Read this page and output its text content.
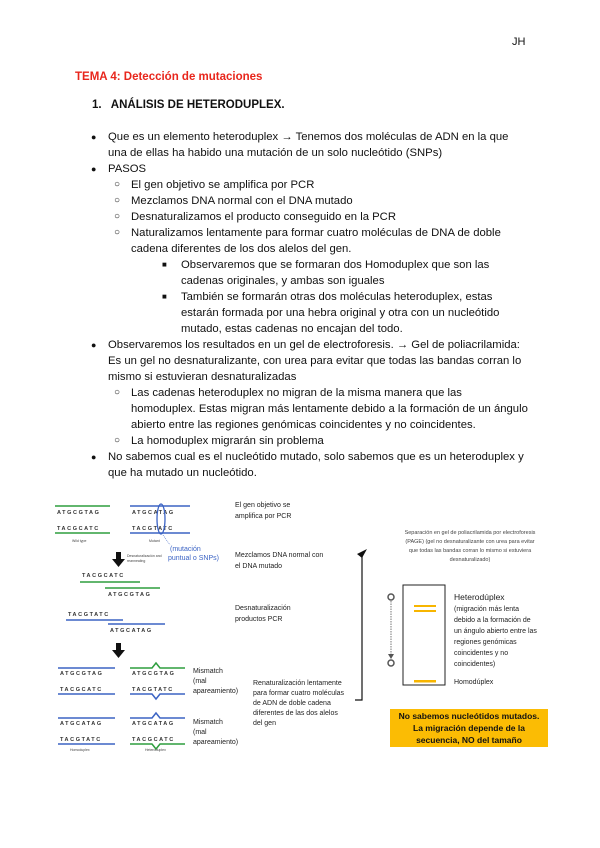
JH
TEMA 4: Detección de mutaciones
1. ANÁLISIS DE HETERODUPLEX.
● Que es un elemento heteroduplex → Tenemos dos moléculas de ADN en la que una de ellas ha habido una mutación de un solo nucleótido (SNPs)
● PASOS
○ El gen objetivo se amplifica por PCR
○ Mezclamos DNA normal con el DNA mutado
○ Desnaturalizamos el producto conseguido en la PCR
○ Naturalizamos lentamente para formar cuatro moléculas de DNA de doble cadena diferentes de los dos alelos del gen.
■ Observaremos que se formaran dos Homoduplex que son las cadenas originales, y ambas son iguales
■ También se formarán otras dos moléculas heteroduplex, estas estarán formada por una hebra original y otra con un nucleótido mutado, estas cadenas no encajan del todo.
● Observaremos los resultados en un gel de electroforesis. → Gel de poliacrilamida: Es un gel no desnaturalizante, con urea para evitar que todas las bandas corran lo mismo si estuvieran desnaturalizadas
○ Las cadenas heteroduplex no migran de la misma manera que las homoduplex. Estas migran más lentamente debido a la formación de un ángulo abierto entre las regiones genómicas coincidentes y no coincidentes.
○ La homoduplex migrarán sin problema
● No sabemos cual es el nucleótido mutado, solo sabemos que es un heteroduplex y que ha mutado un nucleótido.
ATGCGTAG
TACGCATC
Wild type
ATGCATAG
TACGTATC
Mutant
(mutación
puntual o SNPs)
Desnaturalización and
reannealing
TACGCATC
ATGCGTAG
TACGTATC
ATGCATAG
ATGCGTAG
TACGCATC
ATGCGTAG
TACGTATC
Mismatch
(mal
apareamiento)
ATGCATAG
TACGTATC
Homoduplex
ATGCATAG
TACGCATC
Heteroduplex
Mismatch
(mal
apareamiento)
El gen objetivo se
amplifica por PCR
Mezclamos DNA normal con
el DNA mutado
Desnaturalización
productos PCR
Renaturalización lentamente
para formar cuatro moléculas
de ADN de doble cadena
diferentes de las dos alelos
del gen
Separación en gel de poliacrilamida por electroforesis
(PAGE) (gel no desnaturalizante con urea para evitar
que todas las bandas corran lo mismo si estuviera
desnaturalizado)
Heterodúplex
(migración más lenta
debido a la formación de
un ángulo abierto entre las
regiones genómicas
coincidentes y no
coincidentes)
Homodúplex
No sabemos nucleótidos mutados.
La migración depende de la
secuencia, NO del tamaño
